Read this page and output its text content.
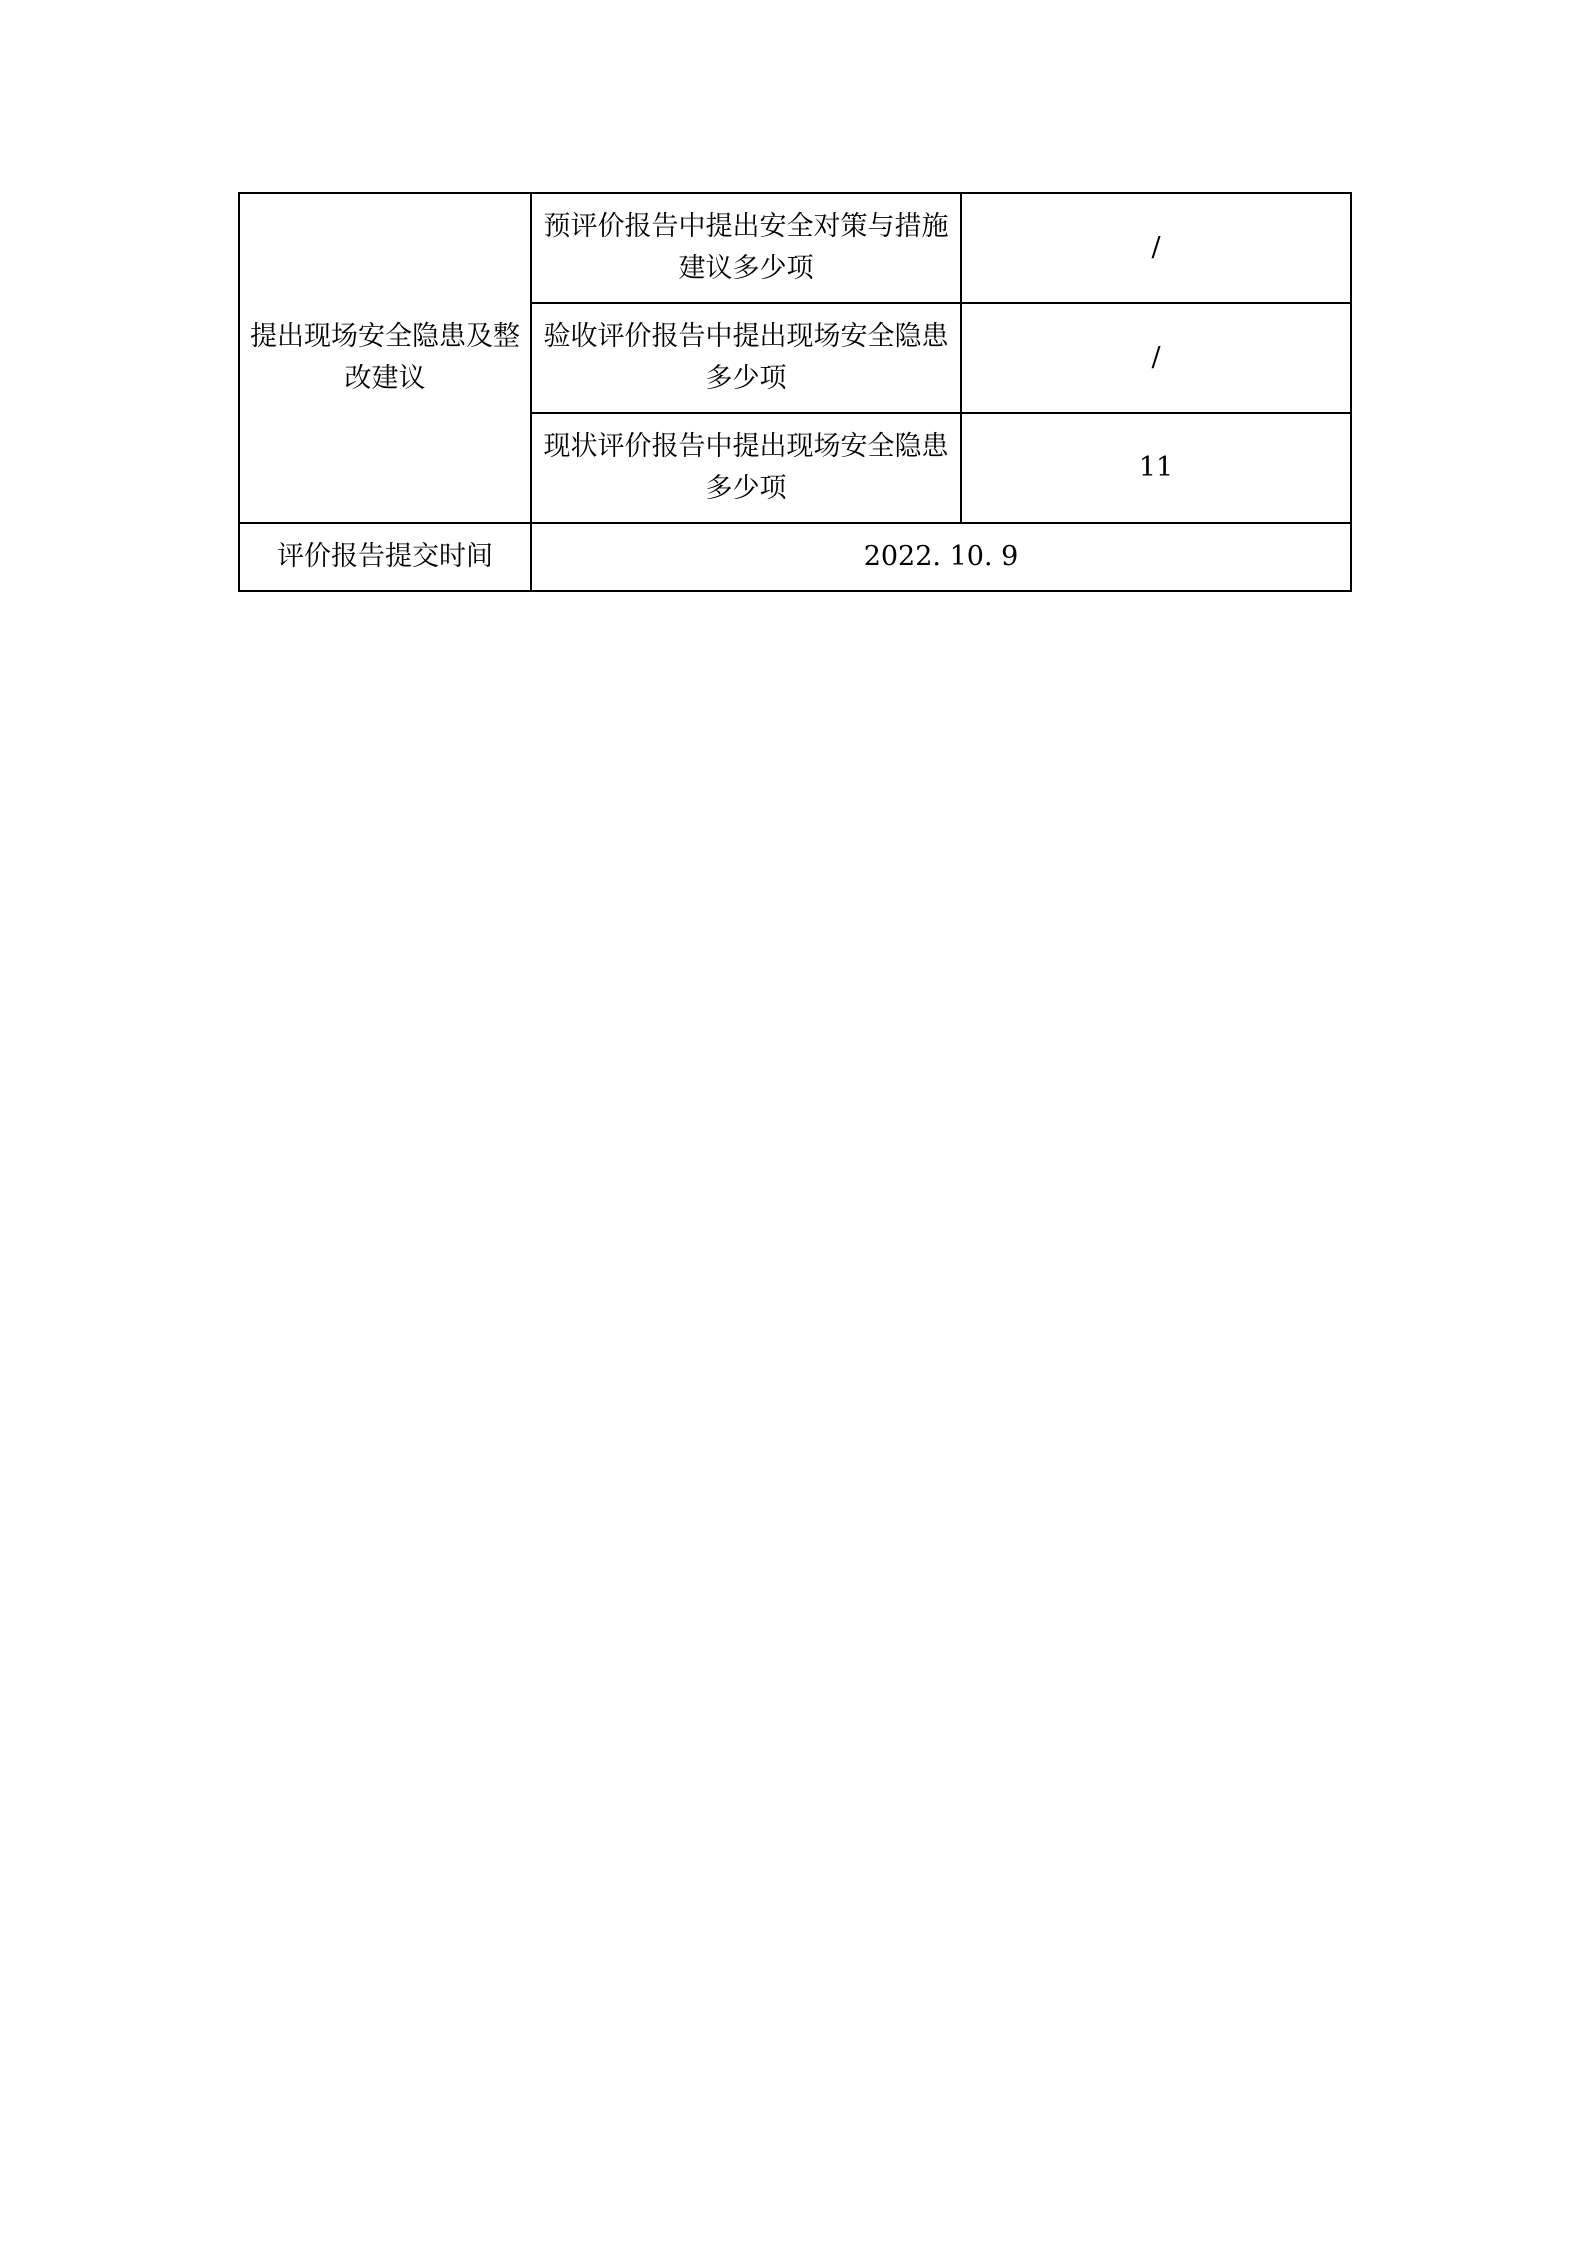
提出现场安全隐患及整改建议	预评价报告中提出安全对策与措施建议多少项	/
	验收评价报告中提出现场安全隐患多少项	/
	现状评价报告中提出现场安全隐患多少项	11
评价报告提交时间	2022. 10. 9	
